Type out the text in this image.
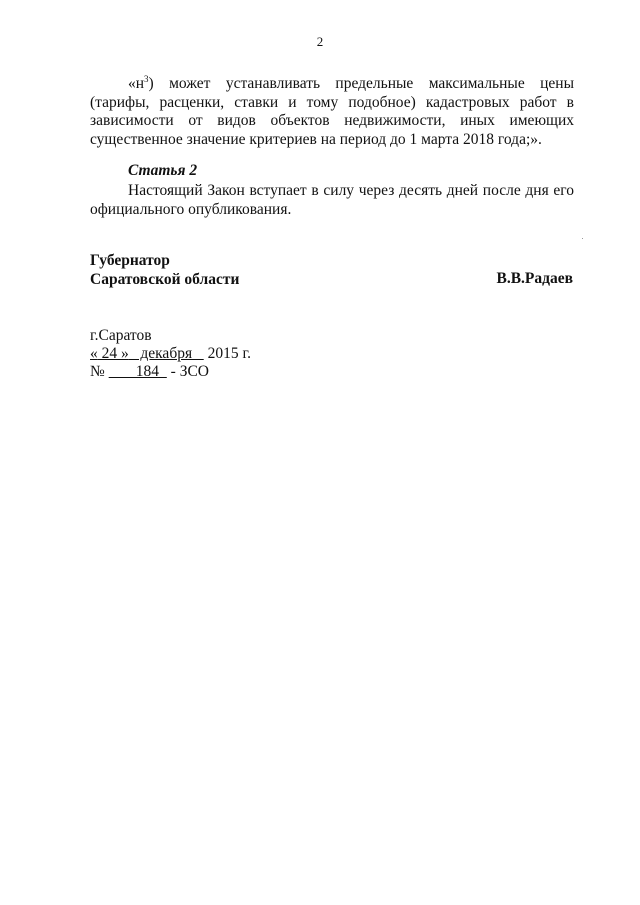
2
«$н^3$) может устанавливать предельные максимальные цены (тарифы, расценки, ставки и тому подобное) кадастровых работ в зависимости от видов объектов недвижимости, иных имеющих существенное значение критериев на период до 1 марта 2018 года;».
Статья 2
Настоящий Закон вступает в силу через десять дней после дня его официального опубликования.
Губернатор
Саратовской области	В.В.Радаев
г.Саратов
« 24 »   декабря    2015 г.
№        184   - ЗСО
